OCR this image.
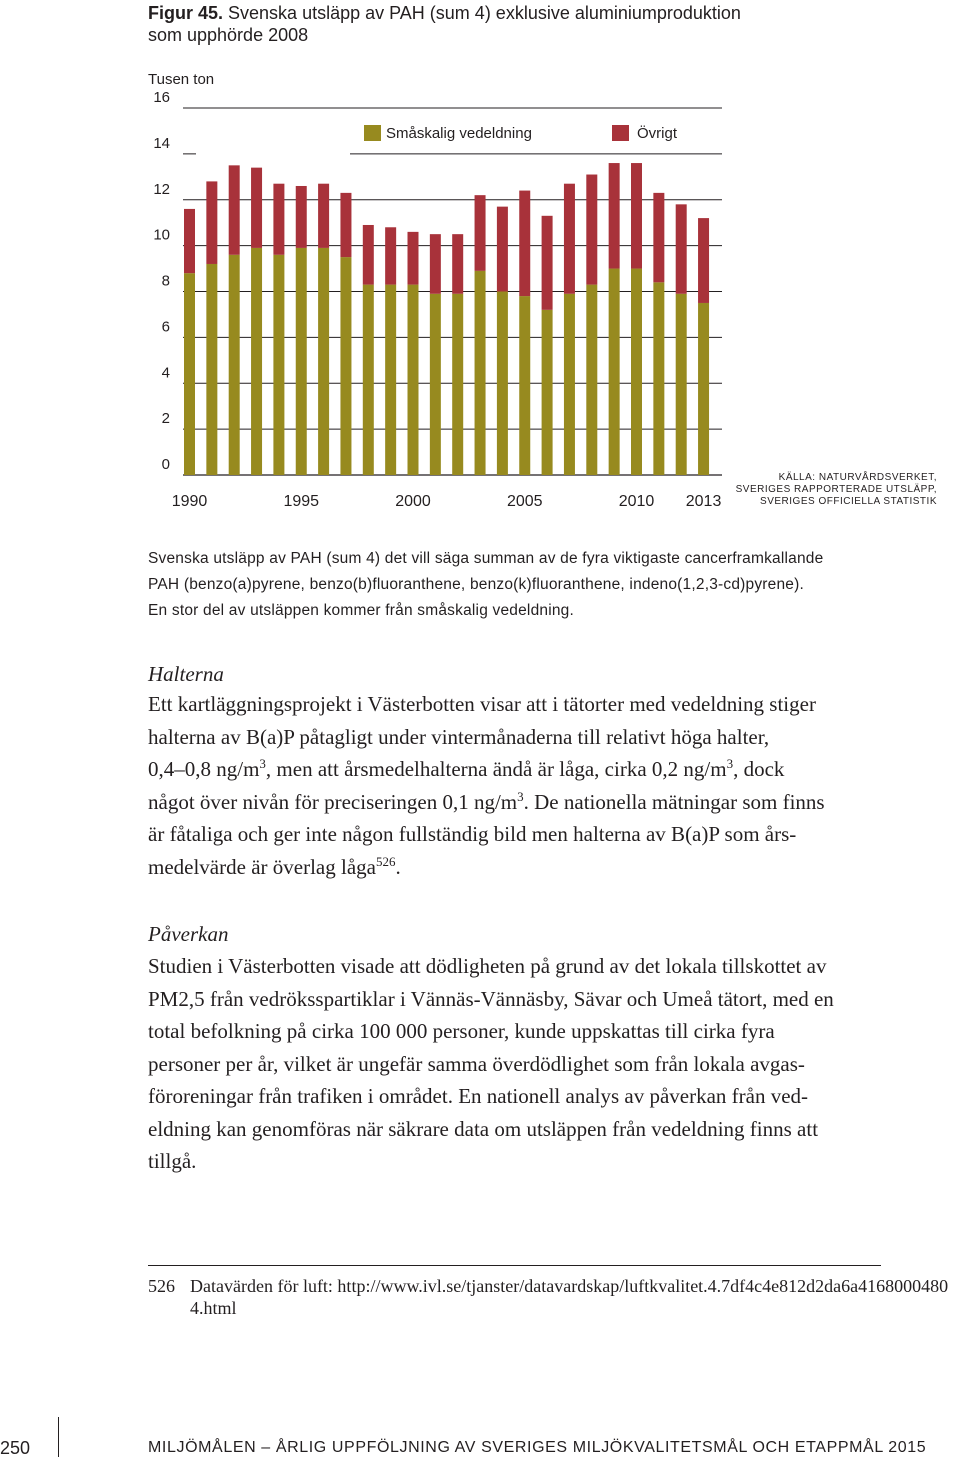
Figur 45. Svenska utsläpp av PAH (sum 4) exklusive aluminiumproduktion
som upphörde 2008
Tusen ton
0
2
4
6
8
10
12
14
16
1990	1995	2000	2005	2010 2013
Småskalig vedeldning	Övrigt
KÄLLA: NATURVÅRDSVERKET,
SVERIGES RAPPORTERADE UTSLÄPP,
SVERIGES OFFICIELLA STATISTIK
Svenska utsläpp av PAH (sum 4) det vill säga summan av de fyra viktigaste cancerframkallande
PAH (benzo(a)pyrene, benzo(b)fluoranthene, benzo(k)fluoranthene, indeno(1,2,3-cd)pyrene).
En stor del av utsläppen kommer från småskalig vedeldning.
Halterna
Ett kartläggningsprojekt i Västerbotten visar att i tätorter med vedeldning stiger
halterna av B(a)P påtagligt under vintermånaderna till relativt höga halter,
0,4–0,8 $ng/m^3$, men att årsmedelhalterna ändå är låga, cirka 0,2 $ng/m^3$, dock
något över nivån för preciseringen 0,1 $ng/m^3$. De nationella mätningar som finns
är fåtaliga och ger inte någon fullständig bild men halterna av B(a)P som års-
medelvärde är överlag låga$^{526}$.
Påverkan
Studien i Västerbotten visade att dödligheten på grund av det lokala tillskottet av
PM2,5 från vedröksspartiklar i Vännäs-Vännäsby, Sävar och Umeå tätort, med en
total befolkning på cirka 100 000 personer, kunde uppskattas till cirka fyra
personer per år, vilket är ungefär samma överdödlighet som från lokala avgas-
föroreningar från trafiken i området. En nationell analys av påverkan från ved-
eldning kan genomföras när säkrare data om utsläppen från vedeldning finns att
tillgå.
526 Datavärden för luft: http://www.ivl.se/tjanster/datavardskap/luftkvalitet.4.7df4c4e812d2da6a41680004804.html
250	MILJÖMÅLEN – ÅRLIG UPPFÖLJNING AV SVERIGES MILJÖKVALITETSMÅL OCH ETAPPMÅL 2015
